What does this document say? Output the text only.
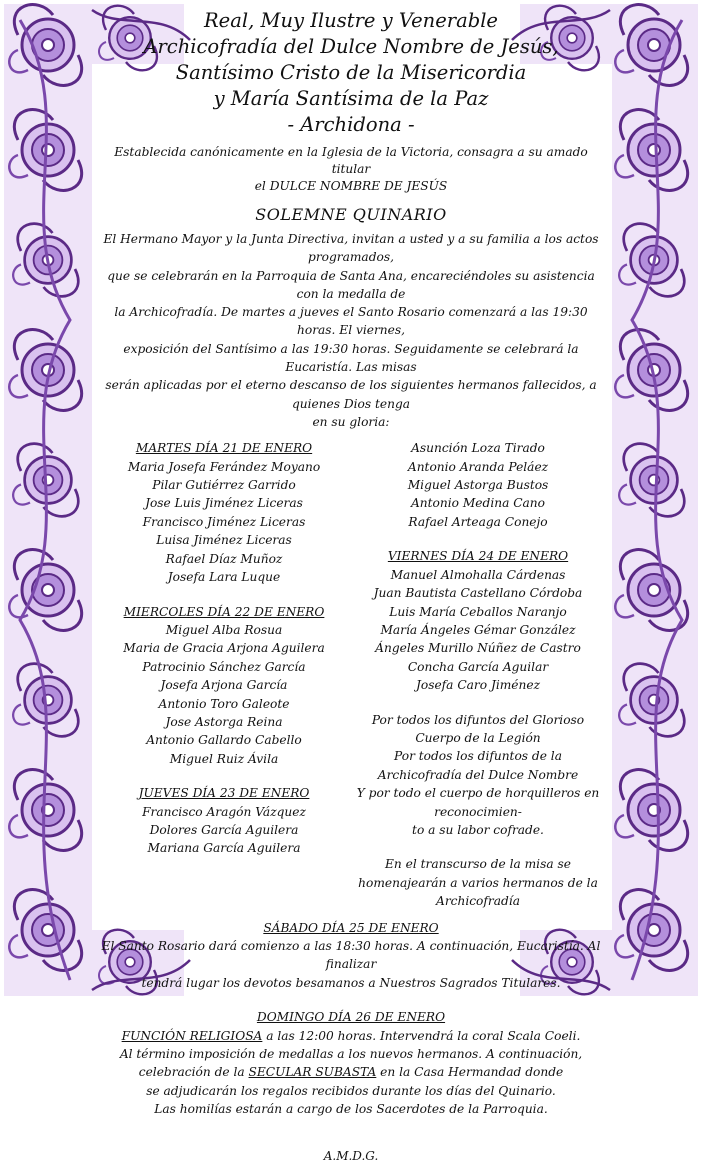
Real, Muy Ilustre y Venerable

Archicofradía del Dulce Nombre de Jesús,

Santísimo Cristo de la Misericordia

y María Santísima de la Paz

- Archidona -

Establecida canónicamente en la Iglesia de la Victoria, consagra a su amado titular

el DULCE NOMBRE DE JESÚS

SOLEMNE QUINARIO

El Hermano Mayor y la Junta Directiva, invitan a usted y a su familia a los actos programados,

que se celebrarán en la Parroquia de Santa Ana, encareciéndoles su asistencia con la medalla de

la Archicofradía. De martes a jueves el Santo Rosario comenzará a las 19:30 horas. El viernes,

exposición del Santísimo a las 19:30 horas. Seguidamente se celebrará la Eucaristía. Las misas

serán aplicadas por el eterno descanso de los siguientes hermanos fallecidos, a quienes Dios tenga

en su gloria:

MARTES DÍA 21 DE ENERO

Maria Josefa Ferández Moyano

Pilar Gutiérrez Garrido

Jose Luis Jiménez Liceras

Francisco Jiménez Liceras

Luisa Jiménez Liceras

Rafael Díaz Muñoz

Josefa Lara Luque

MIERCOLES DÍA 22 DE ENERO

Miguel Alba Rosua

Maria de Gracia Arjona Aguilera

Patrocinio Sánchez García

Josefa Arjona García

Antonio Toro Galeote

Jose Astorga Reina

Antonio Gallardo Cabello

Miguel Ruiz Ávila

JUEVES DÍA 23 DE ENERO

Francisco Aragón Vázquez

Dolores García Aguilera

Mariana García Aguilera

Asunción Loza Tirado

Antonio Aranda Peláez

Miguel Astorga Bustos

Antonio Medina Cano

Rafael Arteaga Conejo

VIERNES DÍA 24 DE ENERO

Manuel Almohalla Cárdenas

Juan Bautista Castellano Córdoba

Luis María Ceballos Naranjo

María Ángeles Gémar González

Ángeles Murillo Núñez de Castro

Concha García Aguilar

Josefa Caro Jiménez

Por todos los difuntos del Glorioso Cuerpo de la Legión

Por todos los difuntos de la

Archicofradía del Dulce Nombre

Y por todo el cuerpo de horquilleros en reconocimien-

to a su labor cofrade.

En el transcurso de la misa se

homenajearán a varios hermanos de la Archicofradía

SÁBADO DÍA 25 DE ENERO

El Santo Rosario dará comienzo a las 18:30 horas. A continuación, Eucaristía. Al finalizar

tendrá lugar los devotos besamanos a Nuestros Sagrados Titulares.

DOMINGO DÍA 26 DE ENERO

FUNCIÓN RELIGIOSA a las 12:00 horas. Intervendrá la coral Scala Coeli.

Al término imposición de medallas a los nuevos hermanos. A continuación,

celebración de la SECULAR SUBASTA en la Casa Hermandad donde

se adjudicarán los regalos recibidos durante los días del Quinario.

Las homilías estarán a cargo de los Sacerdotes de la Parroquia.

A.M.D.G.
